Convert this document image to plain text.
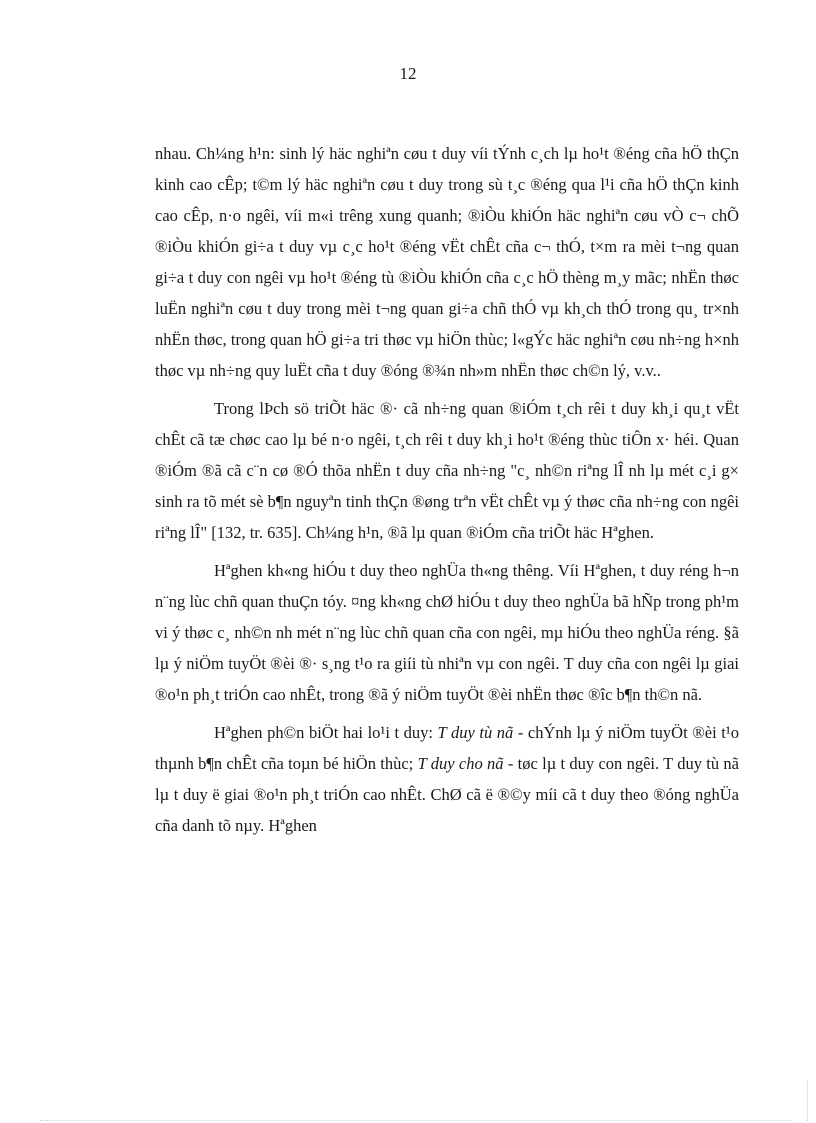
12

nhau. Ch¼ng h¹n: sinh lý häc nghiªn cøu t duy víi tÝnh c¸ch lµ ho¹t ®éng cña hÖ thÇn kinh cao cÊp; t©m lý häc nghiªn cøu t duy trong sù t¸c ®éng qua l¹i cña hÖ thÇn kinh cao cÊp, n·o ngêi, víi m«i trêng xung quanh; ®iÒu khiÓn häc nghiªn cøu vÒ c¬ chÕ ®iÒu khiÓn gi÷a t duy vµ c¸c ho¹t ®éng vËt chÊt cña c¬ thÓ, t×m ra mèi t¬ng quan gi÷a t duy con ngêi vµ ho¹t ®éng tù ®iÒu khiÓn cña c¸c hÖ thèng m¸y mãc; nhËn thøc luËn nghiªn cøu t duy trong mèi t¬ng quan gi÷a chñ thÓ vµ kh¸ch thÓ trong qu¸ tr×nh nhËn thøc, trong quan hÖ gi÷a tri thøc vµ hiÖn thùc; l«gÝc häc nghiªn cøu nh÷ng h×nh thøc vµ nh÷ng quy luËt cña t duy ®óng ®¾n nh»m nhËn thøc ch©n lý, v.v..

Trong lÞch sö triÕt häc ®· cã nh÷ng quan ®iÓm t¸ch rêi t duy kh¸i qu¸t vËt chÊt cã tæ chøc cao lµ bé n·o ngêi, t¸ch rêi t duy kh¸i ho¹t ®éng thùc tiÔn x· héi. Quan ®iÓm ®ã cã c¨n cø ®Ó thõa nhËn t duy cña nh÷ng "c¸ nh©n riªng lÎ nh lµ mét c¸i g× sinh ra tõ mét sè b¶n nguyªn tinh thÇn ®øng trªn vËt chÊt vµ ý thøc cña nh÷ng con ngêi riªng lÎ" [132, tr. 635]. Ch¼ng h¹n, ®ã lµ quan ®iÓm cña triÕt häc Hªghen.

Hªghen kh«ng hiÓu t duy theo nghÜa th«ng thêng. Víi Hªghen, t duy réng h¬n n¨ng lùc chñ quan thuÇn tóy. ¤ng kh«ng chØ hiÓu t duy theo nghÜa bã hÑp trong ph¹m vi ý thøc c¸ nh©n nh mét n¨ng lùc chñ quan cña con ngêi, mµ hiÓu theo nghÜa réng. §ã lµ ý niÖm tuyÖt ®èi ®· s¸ng t¹o ra giíi tù nhiªn vµ con ngêi. T duy cña con ngêi lµ giai ®o¹n ph¸t triÓn cao nhÊt, trong ®ã ý niÖm tuyÖt ®èi nhËn thøc ®îc b¶n th©n nã.

Hªghen ph©n biÖt hai lo¹i t duy: T duy tù nã - chÝnh lµ ý niÖm tuyÖt ®èi t¹o thµnh b¶n chÊt cña toµn bé hiÖn thùc; T duy cho nã - tøc lµ t duy con ngêi. T duy tù nã lµ t duy ë giai ®o¹n ph¸t triÓn cao nhÊt. ChØ cã ë ®©y míi cã t duy theo ®óng nghÜa cña danh tõ nµy. Hªghen
